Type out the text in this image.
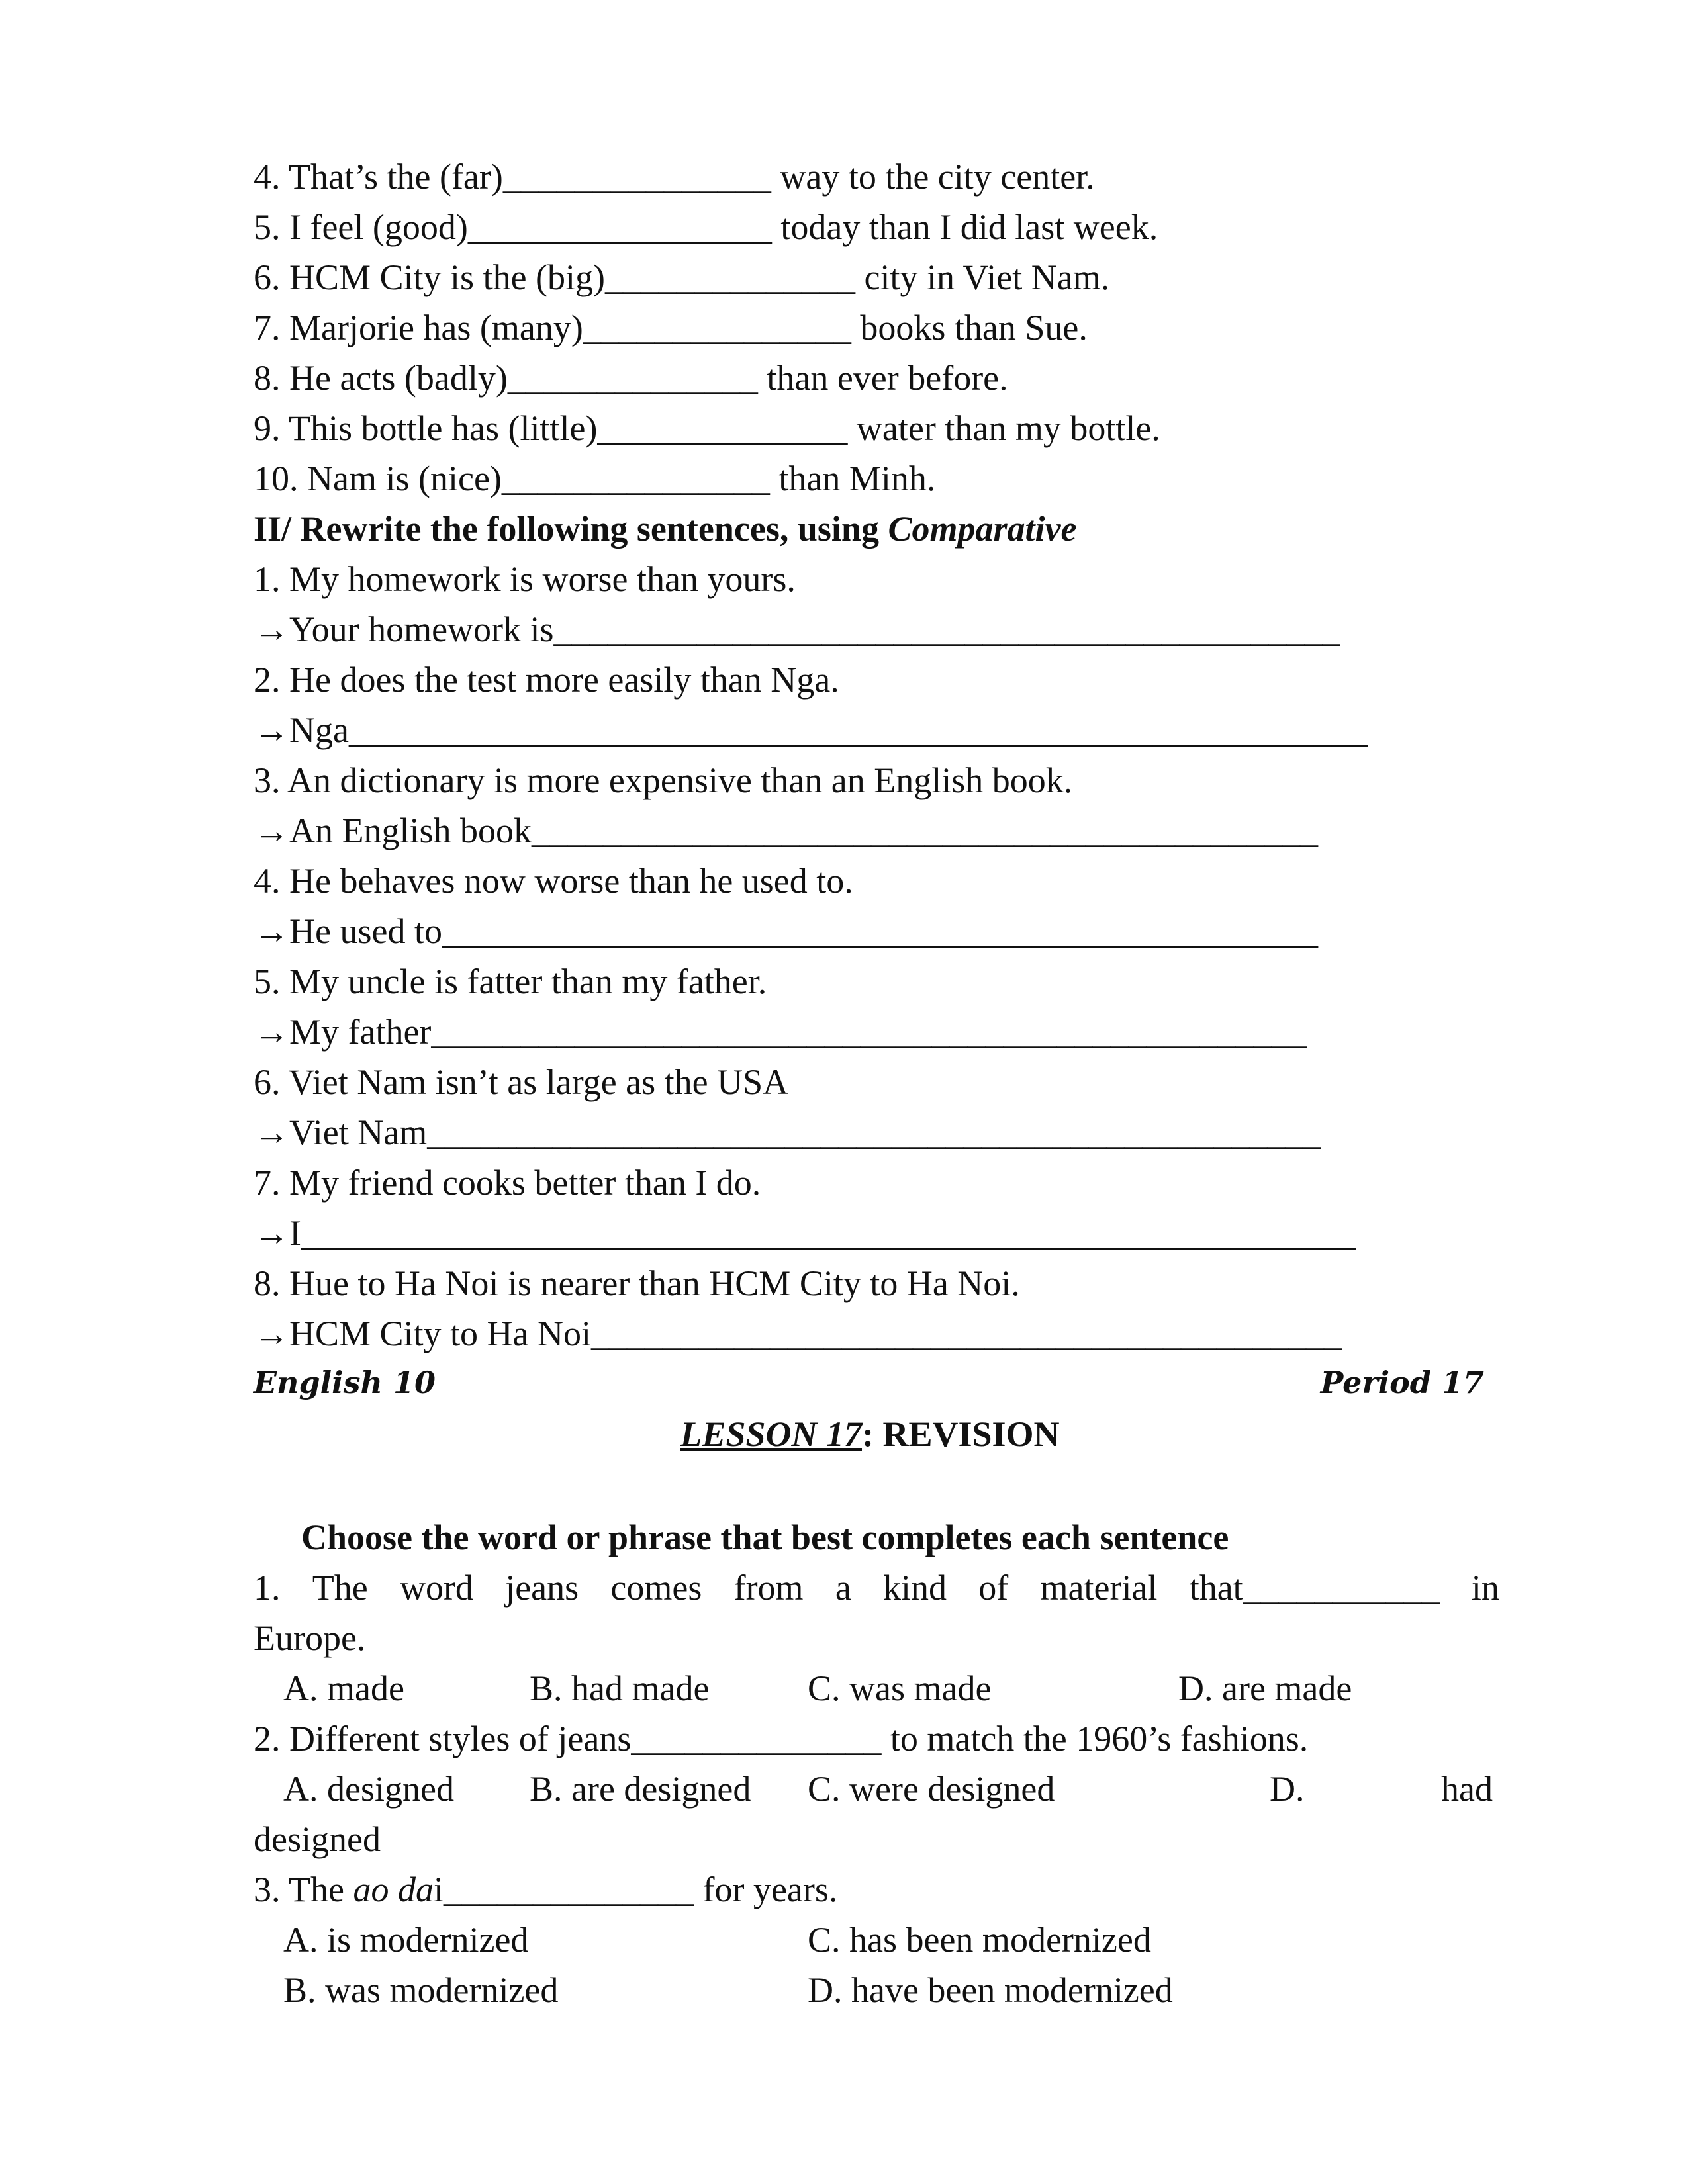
4. That’s the (far)_______________ way to the city center.
5. I feel (good)_________________ today than I did last week.
6. HCM City is the (big)______________ city in Viet Nam.
7. Marjorie has (many)_______________ books than Sue.
8. He acts (badly)______________ than ever before.
9. This bottle has (little)______________ water than my bottle.
10. Nam is (nice)_______________ than Minh.
II/ Rewrite the following sentences, using Comparative
1. My homework is worse than yours.
→Your homework is____________________________________________
2. He does the test more easily than Nga.
→Nga_________________________________________________________
3. An dictionary is more expensive than an English book.
→An English book____________________________________________
4. He behaves now worse than he used to.
→He used to_________________________________________________
5. My uncle is fatter than my father.
→My father_________________________________________________
6. Viet Nam isn’t as large as the USA
→Viet Nam__________________________________________________
7. My friend cooks better than I do.
→I___________________________________________________________
8. Hue to Ha Noi is nearer than HCM City to Ha Noi.
→HCM City to Ha Noi__________________________________________
English 10	Period 17
LESSON 17: REVISION
Choose the word or phrase that best completes each sentence
1. The word jeans comes from a kind of material that___________ in
Europe.
A. made	B. had made	C. was made	D. are made
2. Different styles of jeans______________ to match the 1960’s fashions.
A. designed B. are designed C. were designed	D.	had
designed
3. The ao dai______________ for years.
A. is modernized	C. has been modernized
B. was modernized	D. have been modernized
